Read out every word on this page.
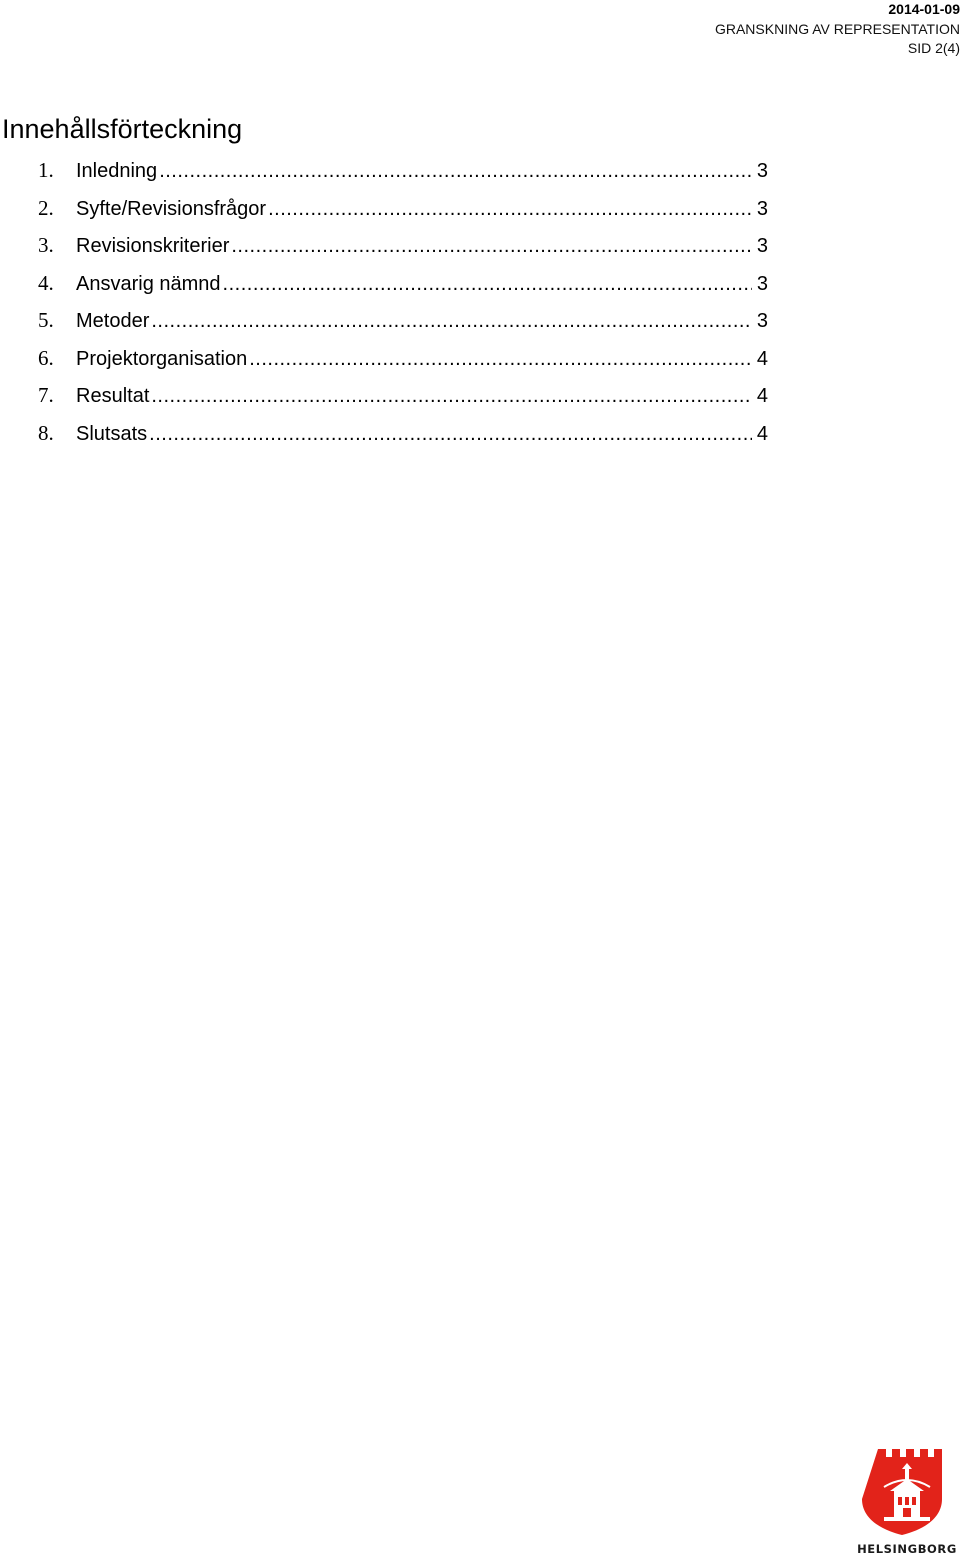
2014-01-09
GRANSKNING AV REPRESENTATION
SID 2(4)
Innehållsförteckning
1.	Inledning .....	3
2.	Syfte/Revisionsfrågor .....	3
3.	Revisionskriterier .....	3
4.	Ansvarig nämnd .....	3
5.	Metoder .....	3
6.	Projektorganisation .....	4
7.	Resultat .....	4
8.	Slutsats .....	4
HELSINGBORG
